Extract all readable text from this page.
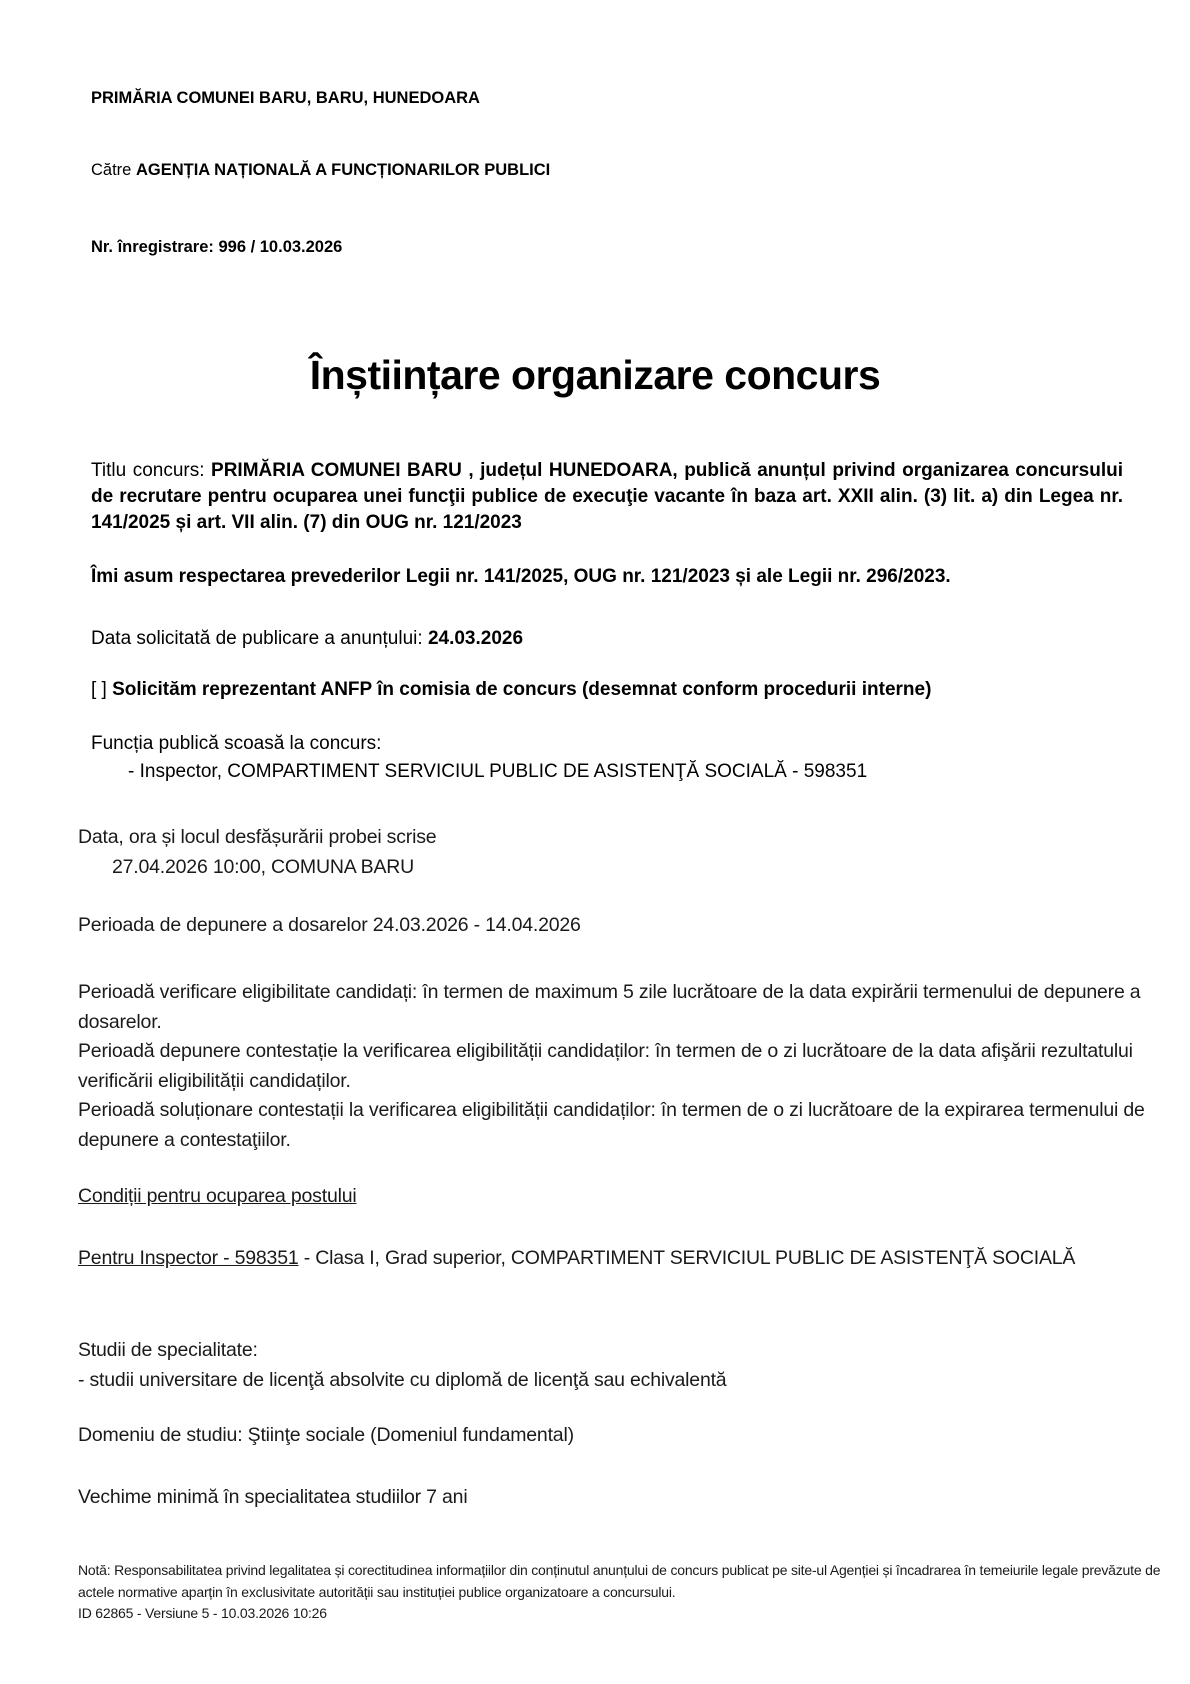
PRIMĂRIA COMUNEI BARU, BARU, HUNEDOARA
Către AGENȚIA NAȚIONALĂ A FUNCȚIONARILOR PUBLICI
Nr. înregistrare: 996 / 10.03.2026
Înștiințare organizare concurs
Titlu concurs: PRIMĂRIA COMUNEI BARU , județul HUNEDOARA, publică anunțul privind organizarea concursului de recrutare pentru ocuparea unei funcţii publice de execuţie vacante în baza art. XXII alin. (3) lit. a) din Legea nr. 141/2025 și art. VII alin. (7) din OUG nr. 121/2023
Îmi asum respectarea prevederilor Legii nr. 141/2025, OUG nr. 121/2023 și ale Legii nr. 296/2023.
Data solicitată de publicare a anunțului: 24.03.2026
[ ] Solicităm reprezentant ANFP în comisia de concurs (desemnat conform procedurii interne)
Funcția publică scoasă la concurs:
- Inspector, COMPARTIMENT SERVICIUL PUBLIC DE ASISTENŢĂ SOCIALĂ - 598351
Data, ora și locul desfășurării probei scrise
27.04.2026 10:00, COMUNA BARU
Perioada de depunere a dosarelor 24.03.2026 - 14.04.2026
Perioadă verificare eligibilitate candidați: în termen de maximum 5 zile lucrătoare de la data expirării termenului de depunere a dosarelor.
Perioadă depunere contestație la verificarea eligibilității candidaților: în termen de o zi lucrătoare de la data afişării rezultatului verificării eligibilității candidaților.
Perioadă soluționare contestații la verificarea eligibilității candidaților: în termen de o zi lucrătoare de la expirarea termenului de depunere a contestaţiilor.
Condiții pentru ocuparea postului
Pentru Inspector - 598351 - Clasa I, Grad superior, COMPARTIMENT SERVICIUL PUBLIC DE ASISTENŢĂ SOCIALĂ
Studii de specialitate:
- studii universitare de licenţă absolvite cu diplomă de licenţă sau echivalentă
Domeniu de studiu: Ştiinţe sociale (Domeniul fundamental)
Vechime minimă în specialitatea studiilor 7 ani
Notă: Responsabilitatea privind legalitatea și corectitudinea informațiilor din conținutul anunțului de concurs publicat pe site-ul Agenției și încadrarea în temeiurile legale prevăzute de actele normative aparțin în exclusivitate autorității sau instituției publice organizatoare a concursului.
ID 62865 - Versiune 5 - 10.03.2026 10:26
